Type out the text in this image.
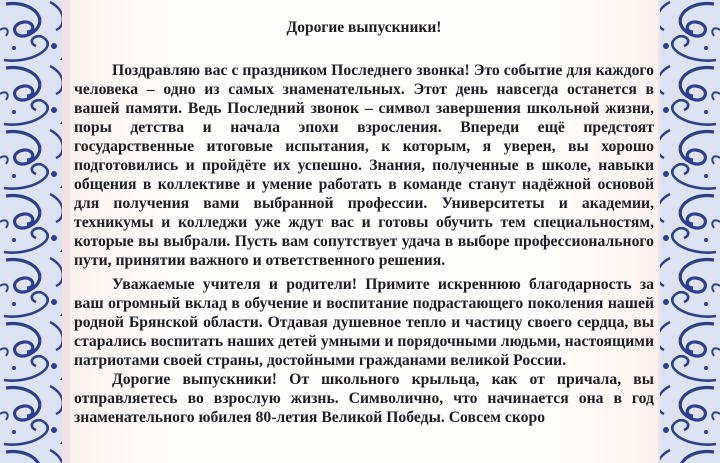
Дорогие выпускники!

Поздравляю вас с праздником Последнего звонка! Это событие для каждого человека – одно из самых знаменательных. Этот день навсегда останется в вашей памяти. Ведь Последний звонок – символ завершения школьной жизни, поры детства и начала эпохи взросления. Впереди ещё предстоят государственные итоговые испытания, к которым, я уверен, вы хорошо подготовились и пройдёте их успешно. Знания, полученные в школе, навыки общения в коллективе и умение работать в команде станут надёжной основой для получения вами выбранной профессии. Университеты и академии, техникумы и колледжи уже ждут вас и готовы обучить тем специальностям, которые вы выбрали. Пусть вам сопутствует удача в выборе профессионального пути, принятии важного и ответственного решения.

Уважаемые учителя и родители! Примите искреннюю благодарность за ваш огромный вклад в обучение и воспитание подрастающего поколения нашей родной Брянской области. Отдавая душевное тепло и частицу своего сердца, вы старались воспитать наших детей умными и порядочными людьми, настоящими патриотами своей страны, достойными гражданами великой России.

Дорогие выпускники! От школьного крыльца, как от причала, вы отправляетесь во взрослую жизнь. Символично, что начинается она в год знаменательного юбилея 80-летия Великой Победы. Совсем скоро
